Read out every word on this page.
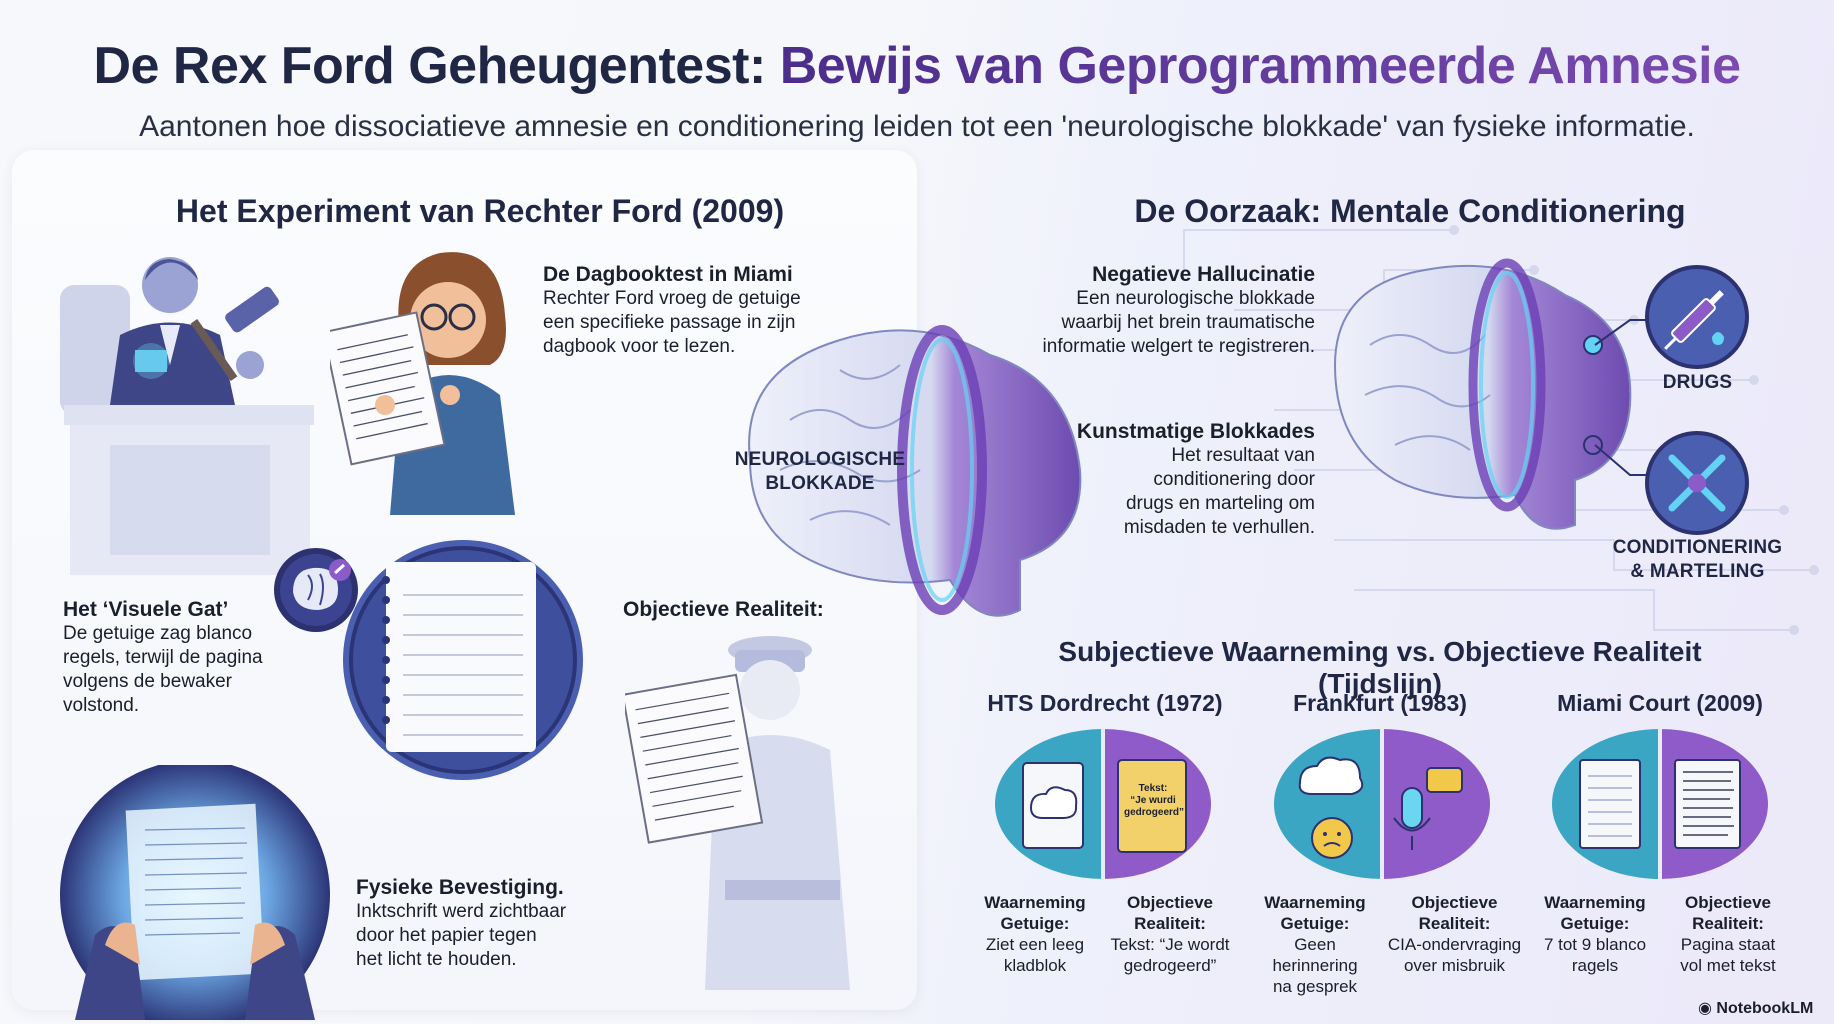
De Rex Ford Geheugentest: Bewijs van Geprogrammeerde Amnesie
Aantonen hoe dissociatieve amnesie en conditionering leiden tot een 'neurologische blokkade' van fysieke informatie.
Het Experiment van Rechter Ford (2009)
De Dagbooktest in Miami
Rechter Ford vroeg de getuige
een specifieke passage in zijn
dagbook voor te lezen.
Het ‘Visuele Gat’
De getuige zag blanco
regels, terwijl de pagina
volgens de bewaker
volstond.
Objectieve Realiteit:
Fysieke Bevestiging.
Inktschrift werd zichtbaar
door het papier tegen
het licht te houden.
NEUROLOGISCHE
BLOKKADE
De Oorzaak: Mentale Conditionering
Negatieve Hallucinatie
Een neurologische blokkade
waarbij het brein traumatische
informatie welgert te registreren.
Kunstmatige Blokkades
Het resultaat van
conditionering door
drugs en marteling om
misdaden te verhullen.
DRUGS
CONDITIONERING
& MARTELING
Subjectieve Waarneming vs. Objectieve Realiteit (Tijdslijn)
HTS Dordrecht (1972)
Tekst:
“Je wurdi
gedrogeerd”
Waarneming
Getuige:
Ziet een leeg
kladblok
Objectieve
Realiteit:
Tekst: “Je wordt
gedrogeerd”
Frankfurt (1983)
Waarneming
Getuige:
Geen herinnering
na gesprek
Objectieve
Realiteit:
CIA-ondervraging
over misbruik
Miami Court (2009)
Waarneming
Getuige:
7 tot 9 blanco
ragels
Objectieve
Realiteit:
Pagina staat
vol met tekst
◉ NotebookLM
